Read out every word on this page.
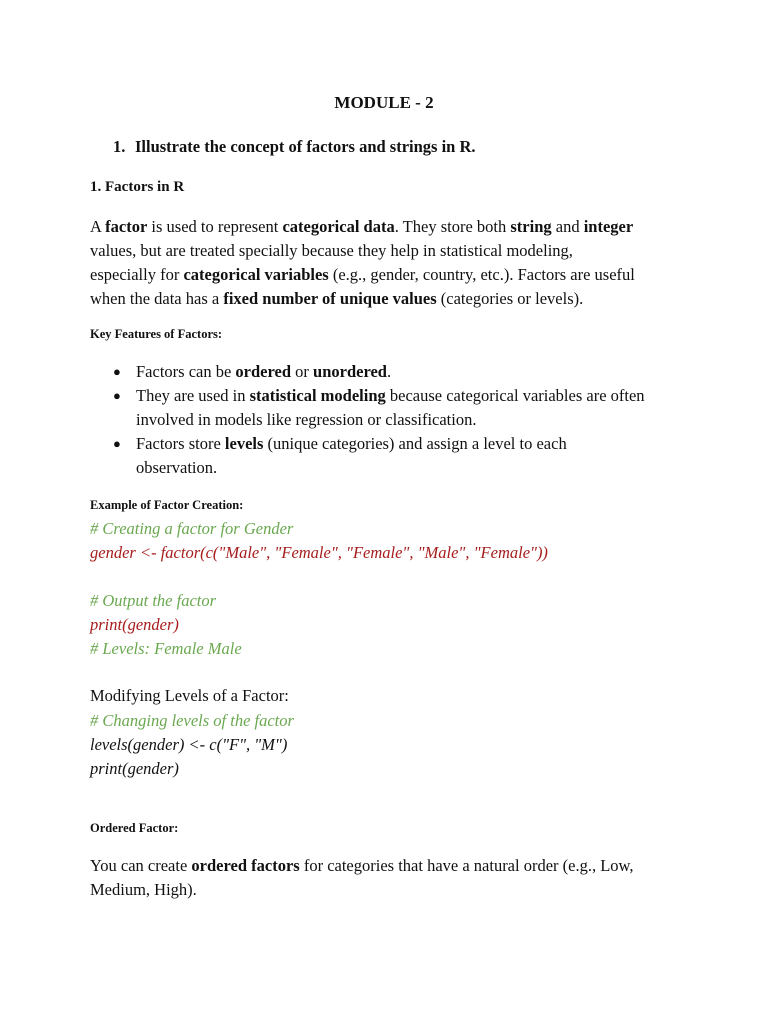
MODULE - 2
1. Illustrate the concept of factors and strings in R.
1. Factors in R
A factor is used to represent categorical data. They store both string and integer
values, but are treated specially because they help in statistical modeling,
especially for categorical variables (e.g., gender, country, etc.). Factors are useful
when the data has a fixed number of unique values (categories or levels).
Key Features of Factors:
● Factors can be ordered or unordered.
● They are used in statistical modeling because categorical variables are often
involved in models like regression or classification.
● Factors store levels (unique categories) and assign a level to each
observation.
Example of Factor Creation:
# Creating a factor for Gender
gender <- factor(c("Male", "Female", "Female", "Male", "Female"))
# Output the factor
print(gender)
# Levels: Female Male
Modifying Levels of a Factor:
# Changing levels of the factor
levels(gender) <- c("F", "M")
print(gender)
Ordered Factor:
You can create ordered factors for categories that have a natural order (e.g., Low,
Medium, High).
